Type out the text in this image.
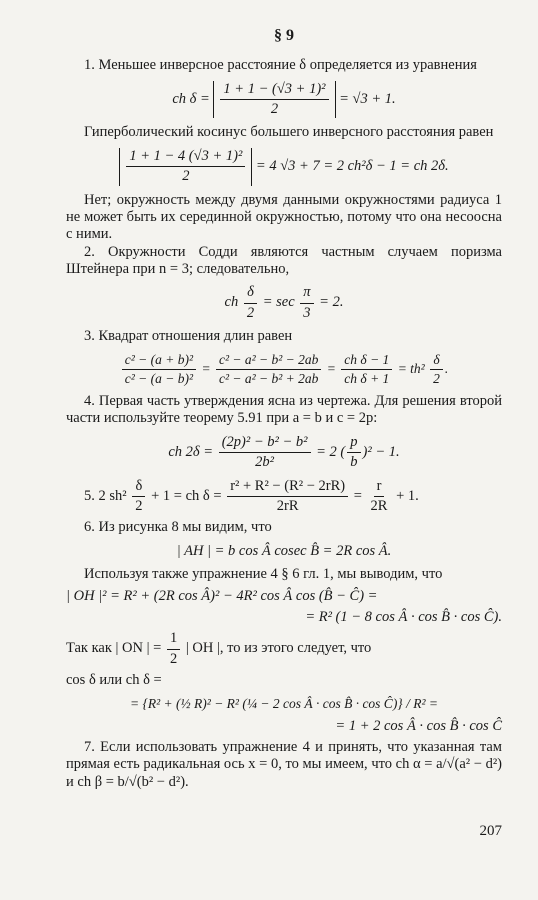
§ 9

1. Меньшее инверсное расстояние δ определяется из уравнения

ch $\delta = \frac{\text{1 + 1 − (√3 + 1)²}}{2} = √3 + 1$.

Гиперболический косинус большего инверсного расстояния равен

$\frac{\text{1 + 1 − 4 (√3 + 1)²}}{2} = 4$ √3 + 7 = 2 ch²δ − 1 = ch 2δ.

Нет; окружность между двумя данными окружностями радиуса 1 не может быть их серединной окружностью, потому что она несоосна с ними.

2. Окружности Содди являются частным случаем поризма Штейнера при n = 3; следовательно,

ch $\frac{\delta}{2} = \sec \frac{\pi}{3} = 2$.

3. Квадрат отношения длин равен

$\frac{\text{c² − (a + b)²}}{\text{c² − (a − b)²}} = \frac{\text{c² − a² − b² − 2ab}}{\text{c² − a² − b² + 2ab}} = \frac{\text{ch δ − 1}}{\text{ch δ + 1}} = th^2 \frac{\delta}{2}$ .

4. Первая часть утверждения ясна из чертежа. Для решения второй части используйте теорему 5.91 при a = b и c = 2p:

ch $2\delta = \frac{\text{(2p)² − b² − b²}}{\text{2b²}} = 2$ ( $\frac{p}{b} )^2 - 1$.
5. 2 $sh^2 \frac{\delta}{2} + 1$ = ch $\delta = \frac{\text{r² + R² − (R² − 2rR)}}{2rR} = \frac{r}{2R} + 1$.

6. Из рисунка 8 мы видим, что

| AH | = b cos Â cosec B̂ = 2R cos Â.

Используя также упражнение 4 § 6 гл. 1, мы выводим, что

| OH |² = R² + (2R cos Â)² − 4R² cos Â cos (B̂ − Ĉ) =
= R² (1 − 8 cos Â · cos B̂ · cos Ĉ).
Так как | ON | = $\frac{1}{2}$ | OH |, то из этого следует, что
cos δ или ch δ =
= {R² + (½ R)² − R² (¼ − 2 cos Â · cos B̂ · cos Ĉ)} / R² =
= 1 + 2 cos Â · cos B̂ · cos Ĉ

7. Если использовать упражнение 4 и принять, что указанная там прямая есть радикальная ось x = 0, то мы имеем, что ch α = a/√(a² − d²) и ch β = b/√(b² − d²).

207
